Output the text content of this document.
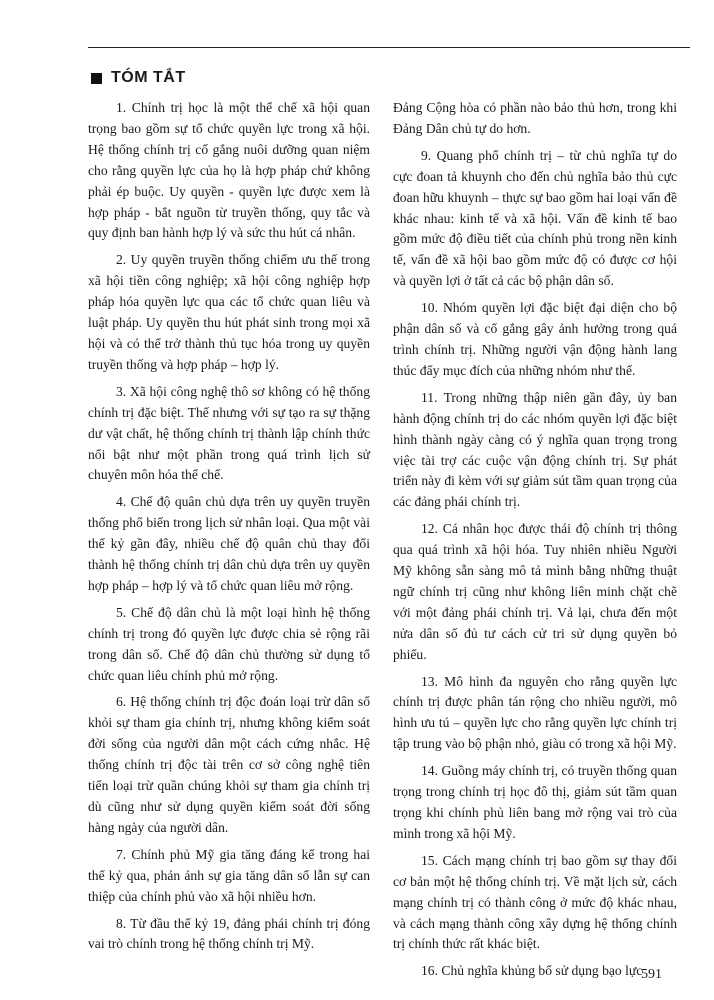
TÓM TẮT

1. Chính trị học là một thể chế xã hội quan trọng bao gồm sự tổ chức quyền lực trong xã hội. Hệ thống chính trị cố gắng nuôi dưỡng quan niệm cho rằng quyền lực của họ là hợp pháp chứ không phải ép buộc. Uy quyền - quyền lực được xem là hợp pháp - bắt nguồn từ truyền thống, quy tắc và quy định ban hành hợp lý và sức thu hút cá nhân.

2. Uy quyền truyền thống chiếm ưu thế trong xã hội tiền công nghiệp; xã hội công nghiệp hợp pháp hóa quyền lực qua các tổ chức quan liêu và luật pháp. Uy quyền thu hút phát sinh trong mọi xã hội và có thể trở thành thủ tục hóa trong uy quyền truyền thống và hợp pháp – hợp lý.

3. Xã hội công nghệ thô sơ không có hệ thống chính trị đặc biệt. Thế nhưng với sự tạo ra sự thặng dư vật chất, hệ thống chính trị thành lập chính thức nổi bật như một phần trong quá trình lịch sử chuyên môn hóa thể chế.

4. Chế độ quân chủ dựa trên uy quyền truyền thống phổ biến trong lịch sử nhân loại. Qua một vài thế kỷ gần đây, nhiều chế độ quân chủ thay đổi thành hệ thống chính trị dân chủ dựa trên uy quyền hợp pháp – hợp lý và tổ chức quan liêu mở rộng.

5. Chế độ dân chủ là một loại hình hệ thống chính trị trong đó quyền lực được chia sẻ rộng rãi trong dân số. Chế độ dân chủ thường sử dụng tổ chức quan liêu chính phủ mở rộng.

6. Hệ thống chính trị độc đoán loại trừ dân số khỏi sự tham gia chính trị, nhưng không kiểm soát đời sống của người dân một cách cứng nhắc. Hệ thống chính trị độc tài trên cơ sở công nghệ tiên tiến loại trừ quần chúng khỏi sự tham gia chính trị dù cũng như sử dụng quyền kiểm soát đời sống hàng ngày của người dân.

7. Chính phủ Mỹ gia tăng đáng kể trong hai thế kỷ qua, phản ánh sự gia tăng dân số lẫn sự can thiệp của chính phủ vào xã hội nhiều hơn.

8. Từ đầu thế kỷ 19, đảng phái chính trị đóng vai trò chính trong hệ thống chính trị Mỹ.

Đảng Cộng hòa có phần nào bảo thủ hơn, trong khi Đảng Dân chủ tự do hơn.

9. Quang phổ chính trị – từ chủ nghĩa tự do cực đoan tả khuynh cho đến chủ nghĩa bảo thủ cực đoan hữu khuynh – thực sự bao gồm hai loại vấn đề khác nhau: kinh tế và xã hội. Vấn đề kinh tế bao gồm mức độ điều tiết của chính phủ trong nền kinh tế, vấn đề xã hội bao gồm mức độ có được cơ hội và quyền lợi ở tất cả các bộ phận dân số.

10. Nhóm quyền lợi đặc biệt đại diện cho bộ phận dân số và cố gắng gây ảnh hưởng trong quá trình chính trị. Những người vận động hành lang thúc đẩy mục đích của những nhóm như thế.

11. Trong những thập niên gần đây, ủy ban hành động chính trị do các nhóm quyền lợi đặc biệt hình thành ngày càng có ý nghĩa quan trọng trong việc tài trợ các cuộc vận động chính trị. Sự phát triển này đi kèm với sự giảm sút tầm quan trọng của các đảng phái chính trị.

12. Cá nhân học được thái độ chính trị thông qua quá trình xã hội hóa. Tuy nhiên nhiều Người Mỹ không sẵn sàng mô tả mình bằng những thuật ngữ chính trị cũng như không liên minh chặt chẽ với một đảng phái chính trị. Vả lại, chưa đến một nửa dân số đủ tư cách cử tri sử dụng quyền bỏ phiếu.

13. Mô hình đa nguyên cho rằng quyền lực chính trị được phân tán rộng cho nhiều người, mô hình ưu tú – quyền lực cho rằng quyền lực chính trị tập trung vào bộ phận nhỏ, giàu có trong xã hội Mỹ.

14. Guồng máy chính trị, có truyền thống quan trọng trong chính trị học đô thị, giảm sút tầm quan trọng khi chính phủ liên bang mở rộng vai trò của mình trong xã hội Mỹ.

15. Cách mạng chính trị bao gồm sự thay đổi cơ bản một hệ thống chính trị. Về mặt lịch sử, cách mạng chính trị có thành công ở mức độ khác nhau, và cách mạng thành công xây dựng hệ thống chính trị chính thức rất khác biệt.

16. Chủ nghĩa khủng bố sử dụng bạo lực

591
